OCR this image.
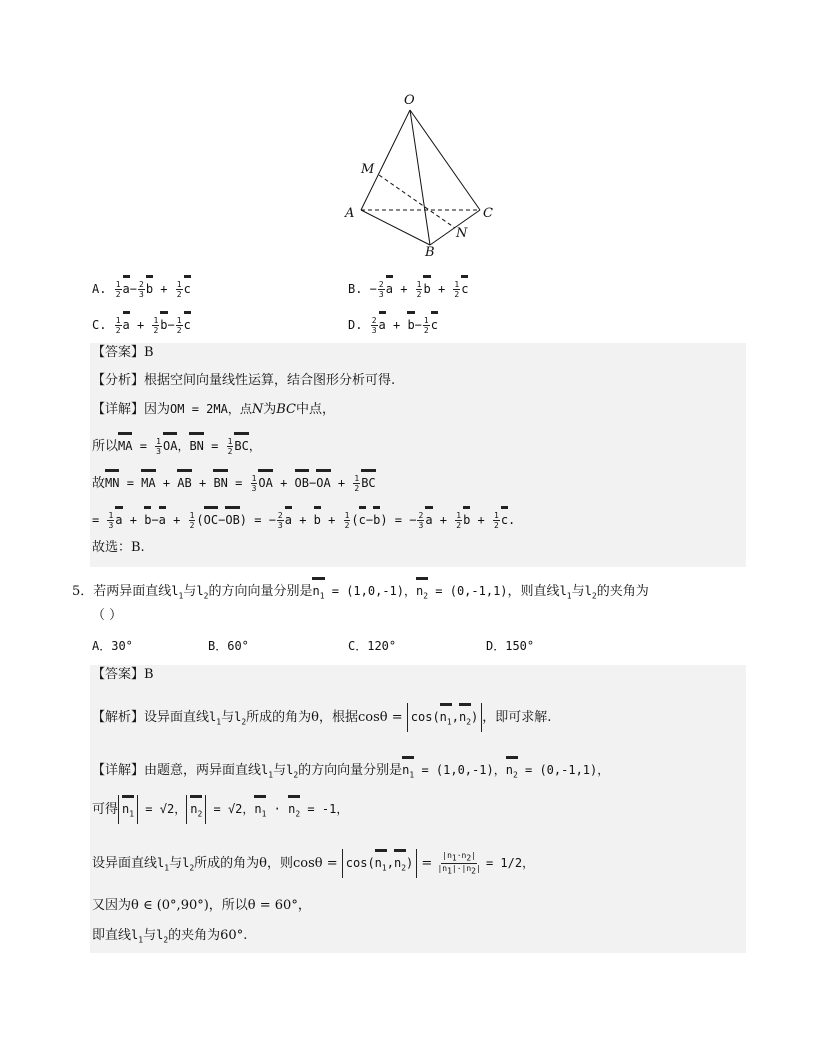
O
M
A	C
N
B
A. $\frac{1}{2} a- \frac{2}{3}$ $b + \frac{1}{2}$ c	B. − $\frac{2}{3}$ $a + \frac{1}{2}$ $b + \frac{1}{2}$ c
C. $\frac{1}{2}$ $a + \frac{1}{2} b- \frac{1}{2}$ c	D. $\frac{2}{3}$ $a + b- \frac{1}{2}$ c
【答案】B
【分析】根据空间向量线性运算，结合图形分析可得.
【详解】因为OM = 2MA，点N为BC中点，
所以MA = $\frac{1}{3}$ OA，BN = $\frac{1}{2}$ BC，
故MN = MA + AB + BN = $\frac{1}{3}$ OA + $OB-OA + \frac{1}{2}$ BC
= $\frac{1}{3}$ $a + b-a + \frac{1}{2} (OC-OB)$ = − $\frac{2}{3}$ $a + b + \frac{1}{2} (c-b)$ = − $\frac{2}{3}$ $a + \frac{1}{2}$ $b + \frac{1}{2} c$.
故选：B.
5．若两异面直线$l_1$与$l_2$的方向向量分别是$n_1 = (1,0,-1)$，$n_2 = (0,-1,1)$，则直线$l_1$与$l_2$的夹角为
（ ）
A．30°	B．60°	C．120°	D．150°
【答案】B
【解析】设异面直线$l_1$与$l_2$所成的角为θ，根据$\cos\theta = \cos(n_1,n_2)$ ，即可求解.
【详解】由题意，两异面直线$l_1$与$l_2$的方向向量分别是$n_1 = (1,0,-1)$，$n_2 = (0,-1,1)$，
可得 $n_1 = √2$， $n_2 = √2$，$n_1 \cdot n_2 = -1$，
设异面直线$l_1$与$l_2$所成的角为θ，则$\cos\theta = \cos(n_1,n_2) = \frac{|n_1\cdot n_2|}{|n_1|\cdot|n_2|} = 1/2$，
又因为θ ∈ (0°,90°)，所以θ = 60°，
即直线$l_1$与$l_2$的夹角为60°.
